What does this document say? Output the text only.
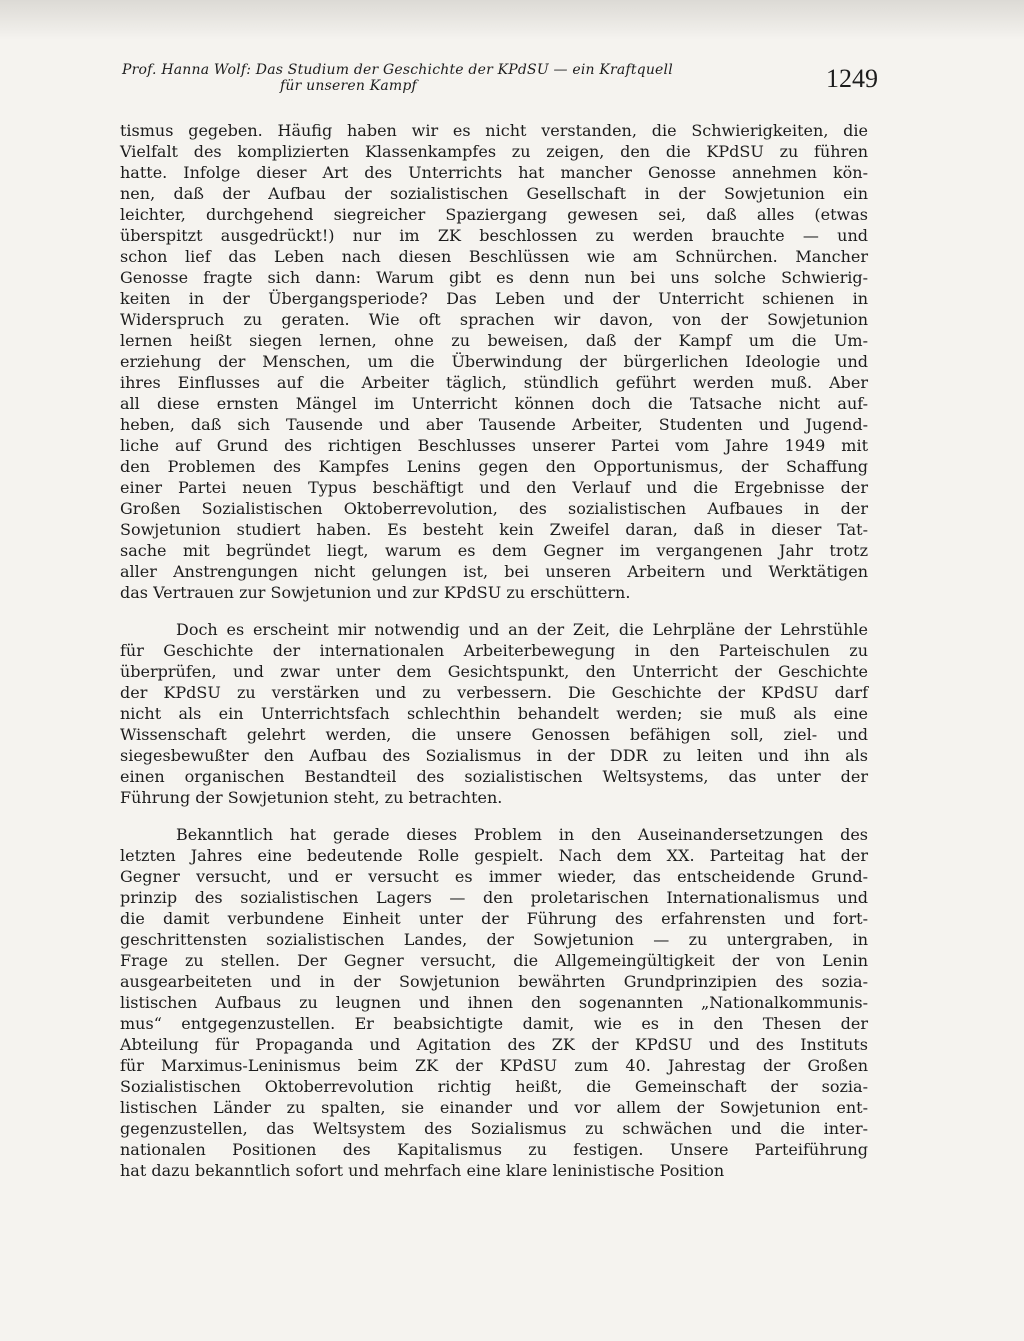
Prof. Hanna Wolf: Das Studium der Geschichte der KPdSU — ein Kraftquell
für unseren Kampf	1249
tismus gegeben. Häufig haben wir es nicht verstanden, die Schwierigkeiten, die
Vielfalt des komplizierten Klassenkampfes zu zeigen, den die KPdSU zu führen
hatte. Infolge dieser Art des Unterrichts hat mancher Genosse annehmen kön-
nen, daß der Aufbau der sozialistischen Gesellschaft in der Sowjetunion ein
leichter, durchgehend siegreicher Spaziergang gewesen sei, daß alles (etwas
überspitzt ausgedrückt!) nur im ZK beschlossen zu werden brauchte — und
schon lief das Leben nach diesen Beschlüssen wie am Schnürchen. Mancher
Genosse fragte sich dann: Warum gibt es denn nun bei uns solche Schwierig-
keiten in der Übergangsperiode? Das Leben und der Unterricht schienen in
Widerspruch zu geraten. Wie oft sprachen wir davon, von der Sowjetunion
lernen heißt siegen lernen, ohne zu beweisen, daß der Kampf um die Um-
erziehung der Menschen, um die Überwindung der bürgerlichen Ideologie und
ihres Einflusses auf die Arbeiter täglich, stündlich geführt werden muß. Aber
all diese ernsten Mängel im Unterricht können doch die Tatsache nicht auf-
heben, daß sich Tausende und aber Tausende Arbeiter, Studenten und Jugend-
liche auf Grund des richtigen Beschlusses unserer Partei vom Jahre 1949 mit
den Problemen des Kampfes Lenins gegen den Opportunismus, der Schaffung
einer Partei neuen Typus beschäftigt und den Verlauf und die Ergebnisse der
Großen Sozialistischen Oktoberrevolution, des sozialistischen Aufbaues in der
Sowjetunion studiert haben. Es besteht kein Zweifel daran, daß in dieser Tat-
sache mit begründet liegt, warum es dem Gegner im vergangenen Jahr trotz
aller Anstrengungen nicht gelungen ist, bei unseren Arbeitern und Werktätigen
das Vertrauen zur Sowjetunion und zur KPdSU zu erschüttern.
Doch es erscheint mir notwendig und an der Zeit, die Lehrpläne der Lehrstühle
für Geschichte der internationalen Arbeiterbewegung in den Parteischulen zu
überprüfen, und zwar unter dem Gesichtspunkt, den Unterricht der Geschichte
der KPdSU zu verstärken und zu verbessern. Die Geschichte der KPdSU darf
nicht als ein Unterrichtsfach schlechthin behandelt werden; sie muß als eine
Wissenschaft gelehrt werden, die unsere Genossen befähigen soll, ziel- und
siegesbewußter den Aufbau des Sozialismus in der DDR zu leiten und ihn als
einen organischen Bestandteil des sozialistischen Weltsystems, das unter der
Führung der Sowjetunion steht, zu betrachten.
Bekanntlich hat gerade dieses Problem in den Auseinandersetzungen des
letzten Jahres eine bedeutende Rolle gespielt. Nach dem XX. Parteitag hat der
Gegner versucht, und er versucht es immer wieder, das entscheidende Grund-
prinzip des sozialistischen Lagers — den proletarischen Internationalismus und
die damit verbundene Einheit unter der Führung des erfahrensten und fort-
geschrittensten sozialistischen Landes, der Sowjetunion — zu untergraben, in
Frage zu stellen. Der Gegner versucht, die Allgemeingültigkeit der von Lenin
ausgearbeiteten und in der Sowjetunion bewährten Grundprinzipien des sozia-
listischen Aufbaus zu leugnen und ihnen den sogenannten „Nationalkommunis-
mus“ entgegenzustellen. Er beabsichtigte damit, wie es in den Thesen der
Abteilung für Propaganda und Agitation des ZK der KPdSU und des Instituts
für Marximus-Leninismus beim ZK der KPdSU zum 40. Jahrestag der Großen
Sozialistischen Oktoberrevolution richtig heißt, die Gemeinschaft der sozia-
listischen Länder zu spalten, sie einander und vor allem der Sowjetunion ent-
gegenzustellen, das Weltsystem des Sozialismus zu schwächen und die inter-
nationalen Positionen des Kapitalismus zu festigen. Unsere Parteiführung
hat dazu bekanntlich sofort und mehrfach eine klare leninistische Position
